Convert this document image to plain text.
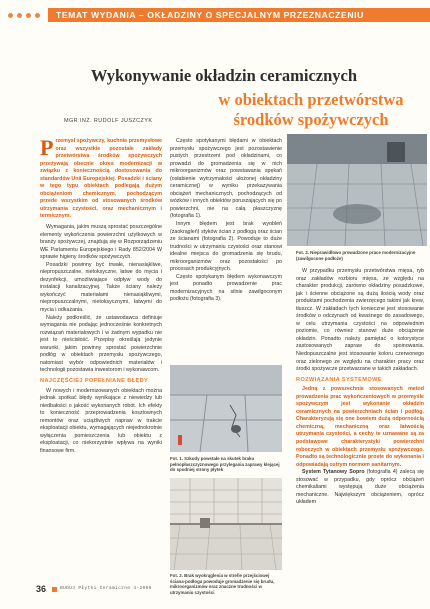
TEMAT WYDANIA – OKŁADZINY O SPECJALNYM PRZEZNACZENIU
Wykonywanie okładzin ceramicznych
w obiektach przetwórstwa
środków spożywczych
MGR INŻ. RUDOLF JUSZCZYK

Przemysł spożywczy, kuchnie przemysłowe oraz wszystkie pozostałe zakłady przetwórstwa środków spożywczych przeżywają obecnie okres modernizacji w związku z koniecznością dostosowania do standardów Unii Europejskiej. Posadzki i ściany w tego typu obiektach podlegają dużym obciążeniom chemicznym, pochodzącym przede wszystkim od stosowanych środków utrzymania czystości, oraz mechanicznym i termicznym.

Wymagania, jakim muszą sprostać poszczególne elementy wykończenia powierzchni użytkowych w branży spożywczej, znajdują się w Rozporządzeniu WE Parlamentu Europejskiego i Rady 852/2004 W sprawie higieny środków spożywczych.

Posadzki powinny być trwałe, nienasiąkliwe, niepropuszczalne, nietoksyczne, łatwe do mycia i dezynfekcji, umożliwiające odpływ wody do instalacji kanalizacyjnej. Także ściany należy wykończyć materiałami nienasiąkliwymi, niepropuszczalnymi, nietoksycznymi, łatwymi do mycia i odkażania.

Należy podkreślić, że ustawodawca definiuje wymagania nie podając jednocześnie konkretnych rozwiązań materiałowych i w żadnym wypadku nie jest to nieścisłość. Przepisy określają jedynie warunki, jakim powinny sprostać powierzchnie podłóg w obiektach przemysłu spożywczego, natomiast wybór odpowiednich materiałów i technologii pozostawia inwestorom i wykonawcom.

NAJCZĘŚCIEJ POPEŁNIANE BŁĘDY

W nowych i modernizowanych obiektach można jednak spotkać błędy wynikające z niewiedzy lub niedbałości o jakość wykonanych robót. Ich efekty to konieczność przeprowadzenia kosztownych remontów oraz uciążliwych napraw w trakcie eksploatacji obiektu, wymagających niejednokrotnie wyłączenia pomieszczenia lub obiektu z eksploatacji, co niekorzystnie wpływa na wyniki finansowe firm.

Często spotykanymi błędami w obiektach przemysłu spożywczego jest pozostawienie pustych przestrzeni pod okładzinami, co prowadzi do gromadzenia się w nich mikroorganizmów oraz powstawania spękań (osłabienie wytrzymałości ułożonej okładziny ceramicznej) w wyniku przekazywania obciążeń mechanicznych, pochodzących od wózków i innych obiektów poruszających się po powierzchni, nie na całą płaszczyznę (fotografia 1).

Innym błędem jest brak wyobleń (zaokrągleń) styków ścian z podłogą oraz ścian ze ścianami (fotografia 2). Powoduje to duże trudności w utrzymaniu czystości oraz stanowi idealne miejsca do gromadzenia się brudu, mikroorganizmów oraz pozostałości po procesach produkcyjnych.

Często spotykanym błędem wykonawczym jest ponadto prowadzenie prac modernizacyjnych na silnie zawilgoconym podłożu (fotografia 3).

Fot. 1. Szkody powstałe na skutek braku pełnopłaszczyznowego przylegania zaprawy klejącej do spodniej strony płytek
Fot. 2. Brak wyokrąglenia w strefie przejściowej ściana-podłoga powoduje gromadzenie się brudu, mikroorganizmów oraz znaczne trudności w utrzymaniu czystości
Fot. 3. Nieprawidłowo prowadzone prace modernizacyjne (zawilgocone podłoże)

W przypadku przemysłu przetwórstwa mięsa, ryb oraz zakładów rozbioru mięsa, ze względu na charakter produkcji, zarówno okładziny posadzkowe, jak i ścienne obciążone są dużą ilością wody oraz produktami pochodzenia zwierzęcego takimi jak krew, tłuszcz. W zakładach tych konieczne jest stosowanie środków o odczynach od kwaśnego do zasadowego, w celu utrzymania czystości na odpowiednim poziomie, co również stanowi duże obciążenie okładzin. Ponadto należy pamiętać o kolorystyce zastosowanych zapraw do spoinowania. Niedopuszczalne jest stosowanie koloru czerwonego oraz zielonego ze względu na charakter pracy oraz środki spożywcze przetwarzane w takich zakładach.

ROZWIĄZANIA SYSTEMOWE

Jedną z powszechnie stosowanych metod prowadzenia prac wykończeniowych w przemyśle spożywczym jest wykonanie okładzin ceramicznych na powierzchniach ścian i podłóg. Charakteryzują się one bowiem dużą odpornością chemiczną, mechaniczną oraz łatwością utrzymania czystości, a cechy te uznawane są za podstawowe charakterystyki powierzchni roboczych w obiektach przemysłu spożywczego. Ponadto są technologicznie proste do wykonania i odpowiadają ostrym normom sanitarnym.

System Tytanowy Sopro (fotografia 4) zalecą się stosować w przypadku, gdy oprócz obciążeń chemikaliami występują duże obciążenia mechaniczne. Największym obciążeniem, oprócz układem

36	BUDUJ Płytki Ceramiczne 4-2006
